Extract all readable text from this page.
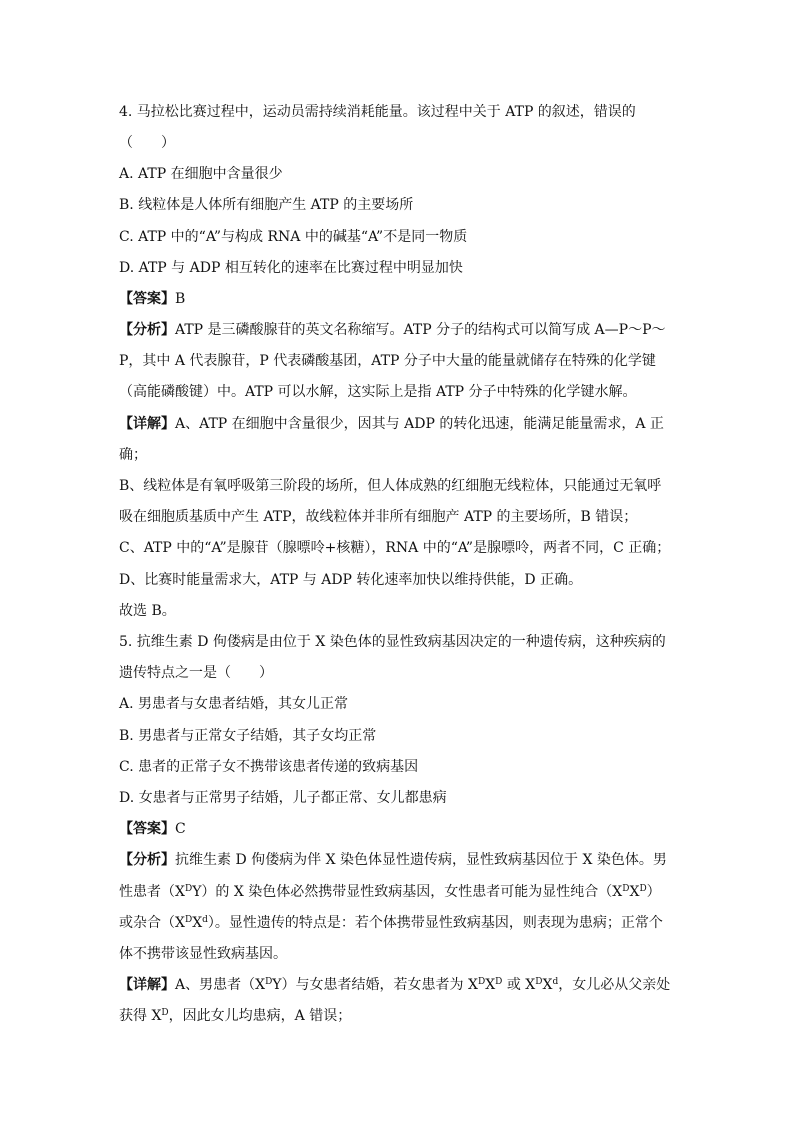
4. 马拉松比赛过程中，运动员需持续消耗能量。该过程中关于 ATP 的叙述，错误的
（　　）
A. ATP 在细胞中含量很少
B. 线粒体是人体所有细胞产生 ATP 的主要场所
C. ATP 中的“A”与构成 RNA 中的碱基“A”不是同一物质
D. ATP 与 ADP 相互转化的速率在比赛过程中明显加快
【答案】B
【分析】ATP 是三磷酸腺苷的英文名称缩写。ATP 分子的结构式可以简写成 A—P～P～
P，其中 A 代表腺苷，P 代表磷酸基团，ATP 分子中大量的能量就储存在特殊的化学键
（高能磷酸键）中。ATP 可以水解，这实际上是指 ATP 分子中特殊的化学键水解。
【详解】A、ATP 在细胞中含量很少，因其与 ADP 的转化迅速，能满足能量需求，A 正
确；
B、线粒体是有氧呼吸第三阶段的场所，但人体成熟的红细胞无线粒体，只能通过无氧呼
吸在细胞质基质中产生 ATP，故线粒体并非所有细胞产 ATP 的主要场所，B 错误；
C、ATP 中的“A”是腺苷（腺嘌呤+核糖），RNA 中的“A”是腺嘌呤，两者不同，C 正确；
D、比赛时能量需求大，ATP 与 ADP 转化速率加快以维持供能，D 正确。
故选 B。
5. 抗维生素 D 佝偻病是由位于 X 染色体的显性致病基因决定的一种遗传病，这种疾病的
遗传特点之一是（　　）
A. 男患者与女患者结婚，其女儿正常
B. 男患者与正常女子结婚，其子女均正常
C. 患者的正常子女不携带该患者传递的致病基因
D. 女患者与正常男子结婚，儿子都正常、女儿都患病
【答案】C
【分析】抗维生素 D 佝偻病为伴 X 染色体显性遗传病，显性致病基因位于 X 染色体。男
性患者$(X^DY)$的 X 染色体必然携带显性致病基因，女性患者可能为显性纯合$(X^DX^D)$
或杂合$(X^DX^d)$。显性遗传的特点是：若个体携带显性致病基因，则表现为患病；正常个
体不携带该显性致病基因。
【详解】A、男患者$(X^DY)$与女患者结婚，若女患者为 $X^DX^D$ 或 $X^DX^d$，女儿必从父亲处
获得 $X^D$，因此女儿均患病，A 错误；
